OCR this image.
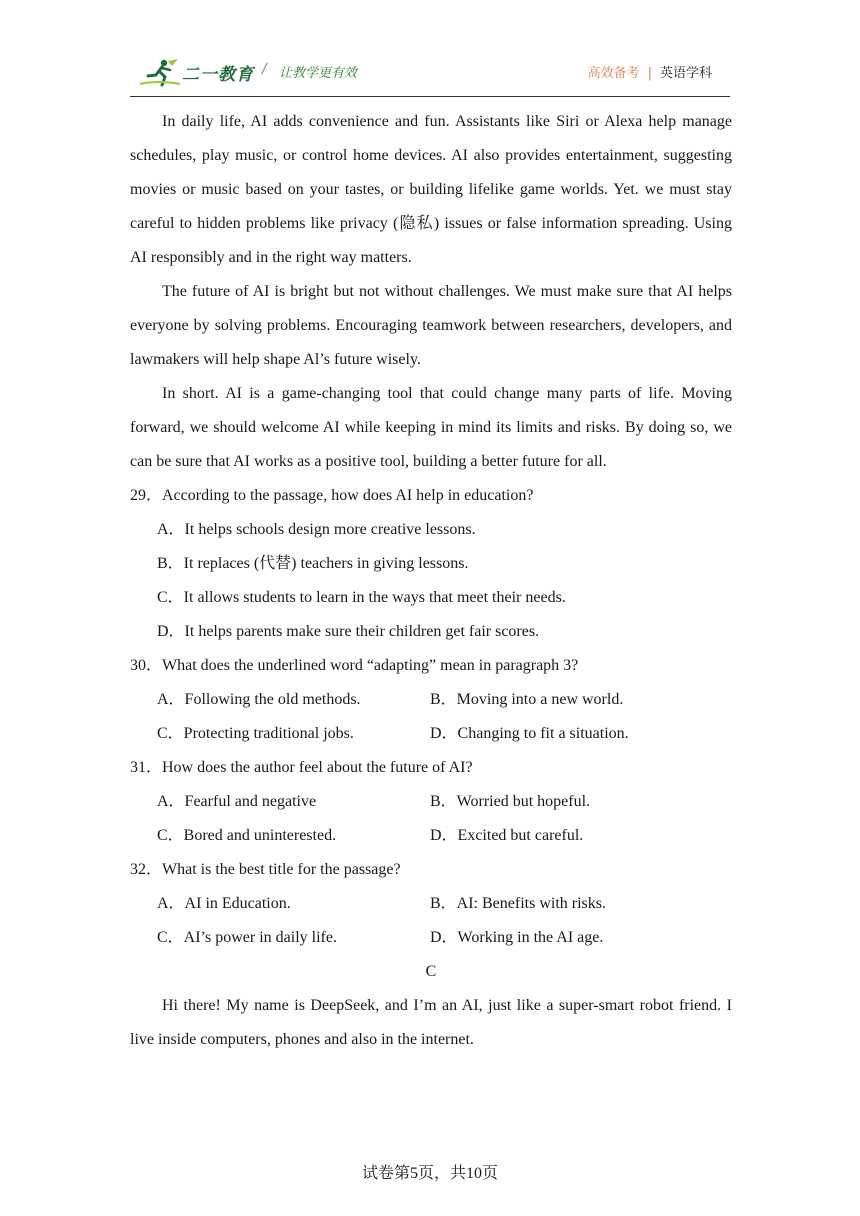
二一教育 / 让教学更有效	高效备考 | 英语学科

In daily life, AI adds convenience and fun. Assistants like Siri or Alexa help manage schedules, play music, or control home devices. AI also provides entertainment, suggesting movies or music based on your tastes, or building lifelike game worlds. Yet. we must stay careful to hidden problems like privacy (隐私) issues or false information spreading. Using AI responsibly and in the right way matters.

The future of AI is bright but not without challenges. We must make sure that AI helps everyone by solving problems. Encouraging teamwork between researchers, developers, and lawmakers will help shape Al’s future wisely.

In short. AI is a game-changing tool that could change many parts of life. Moving forward, we should welcome AI while keeping in mind its limits and risks. By doing so, we can be sure that AI works as a positive tool, building a better future for all.

29．According to the passage, how does AI help in education?

A．It helps schools design more creative lessons.

B．It replaces (代替) teachers in giving lessons.

C．It allows students to learn in the ways that meet their needs.

D．It helps parents make sure their children get fair scores.

30．What does the underlined word “adapting” mean in paragraph 3?

A．Following the old methods.	B．Moving into a new world.
C．Protecting traditional jobs.	D．Changing to fit a situation.

31．How does the author feel about the future of AI?

A．Fearful and negative	B．Worried but hopeful.
C．Bored and uninterested.	D．Excited but careful.

32．What is the best title for the passage?

A．AI in Education.	B．AI: Benefits with risks.
C．AI’s power in daily life.	D．Working in the AI age.

C

Hi there! My name is DeepSeek, and I’m an AI, just like a super-smart robot friend. I live inside computers, phones and also in the internet.

试卷第5页，共10页
